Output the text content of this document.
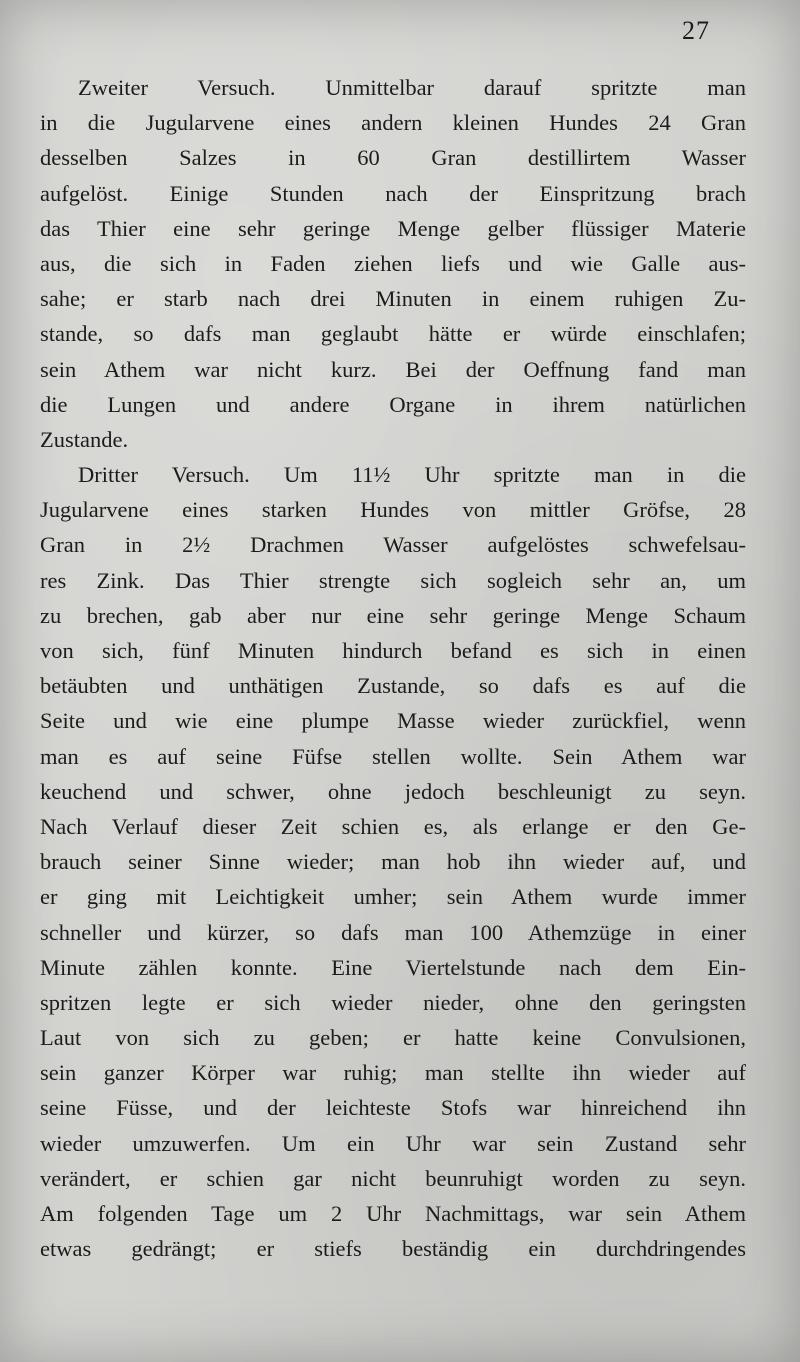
27
Zweiter Versuch. Unmittelbar darauf spritzte man
in die Jugularvene eines andern kleinen Hundes 24 Gran
desselben Salzes in 60 Gran destillirtem Wasser
aufgelöst. Einige Stunden nach der Einspritzung brach
das Thier eine sehr geringe Menge gelber flüssiger Materie
aus, die sich in Faden ziehen liefs und wie Galle aus-
sahe; er starb nach drei Minuten in einem ruhigen Zu-
stande, so dafs man geglaubt hätte er würde einschlafen;
sein Athem war nicht kurz. Bei der Oeffnung fand man
die Lungen und andere Organe in ihrem natürlichen
Zustande.
Dritter Versuch. Um 11½ Uhr spritzte man in die
Jugularvene eines starken Hundes von mittler Gröfse, 28
Gran in 2½ Drachmen Wasser aufgelöstes schwefelsau-
res Zink. Das Thier strengte sich sogleich sehr an, um
zu brechen, gab aber nur eine sehr geringe Menge Schaum
von sich, fünf Minuten hindurch befand es sich in einen
betäubten und unthätigen Zustande, so dafs es auf die
Seite und wie eine plumpe Masse wieder zurückfiel, wenn
man es auf seine Füfse stellen wollte. Sein Athem war
keuchend und schwer, ohne jedoch beschleunigt zu seyn.
Nach Verlauf dieser Zeit schien es, als erlange er den Ge-
brauch seiner Sinne wieder; man hob ihn wieder auf, und
er ging mit Leichtigkeit umher; sein Athem wurde immer
schneller und kürzer, so dafs man 100 Athemzüge in einer
Minute zählen konnte. Eine Viertelstunde nach dem Ein-
spritzen legte er sich wieder nieder, ohne den geringsten
Laut von sich zu geben; er hatte keine Convulsionen,
sein ganzer Körper war ruhig; man stellte ihn wieder auf
seine Füsse, und der leichteste Stofs war hinreichend ihn
wieder umzuwerfen. Um ein Uhr war sein Zustand sehr
verändert, er schien gar nicht beunruhigt worden zu seyn.
Am folgenden Tage um 2 Uhr Nachmittags, war sein Athem
etwas gedrängt; er stiefs beständig ein durchdringendes
